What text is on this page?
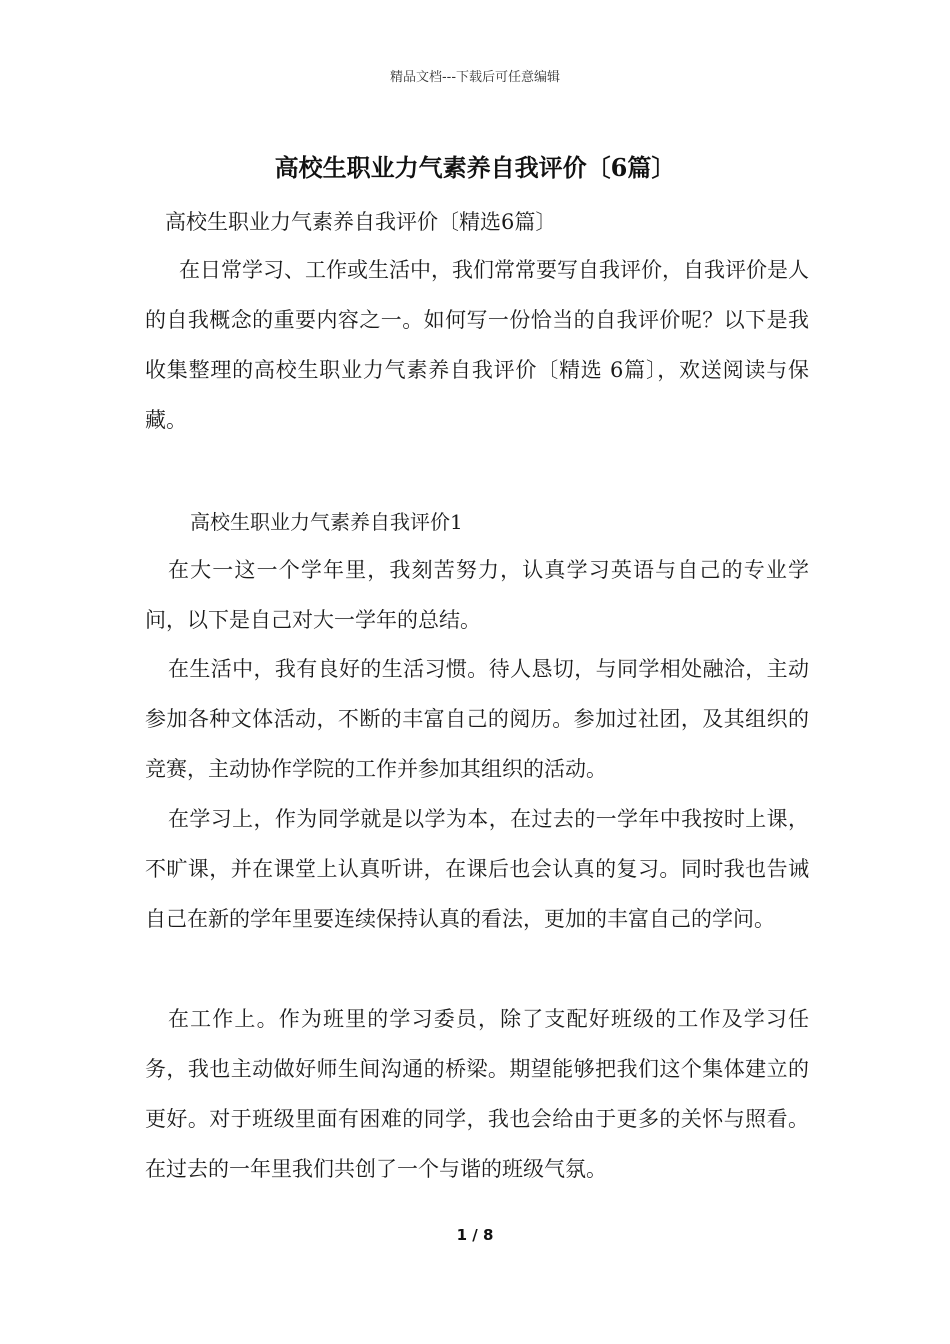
精品文档---下载后可任意编辑
高校生职业力气素养自我评价〔6篇〕
高校生职业力气素养自我评价〔精选6篇〕
在日常学习、工作或生活中，我们常常要写自我评价，自我评价是人的自我概念的重要内容之一。如何写一份恰当的自我评价呢？以下是我收集整理的高校生职业力气素养自我评价〔精选 6篇〕，欢送阅读与保藏。
高校生职业力气素养自我评价1
在大一这一个学年里，我刻苦努力，认真学习英语与自己的专业学问，以下是自己对大一学年的总结。
在生活中，我有良好的生活习惯。待人恳切，与同学相处融洽，主动参加各种文体活动，不断的丰富自己的阅历。参加过社团，及其组织的竞赛，主动协作学院的工作并参加其组织的活动。
在学习上，作为同学就是以学为本，在过去的一学年中我按时上课，不旷课，并在课堂上认真听讲，在课后也会认真的复习。同时我也告诫自己在新的学年里要连续保持认真的看法，更加的丰富自己的学问。
在工作上。作为班里的学习委员，除了支配好班级的工作及学习任务，我也主动做好师生间沟通的桥梁。期望能够把我们这个集体建立的更好。对于班级里面有困难的同学，我也会给由于更多的关怀与照看。在过去的一年里我们共创了一个与谐的班级气氛。
1 / 8
